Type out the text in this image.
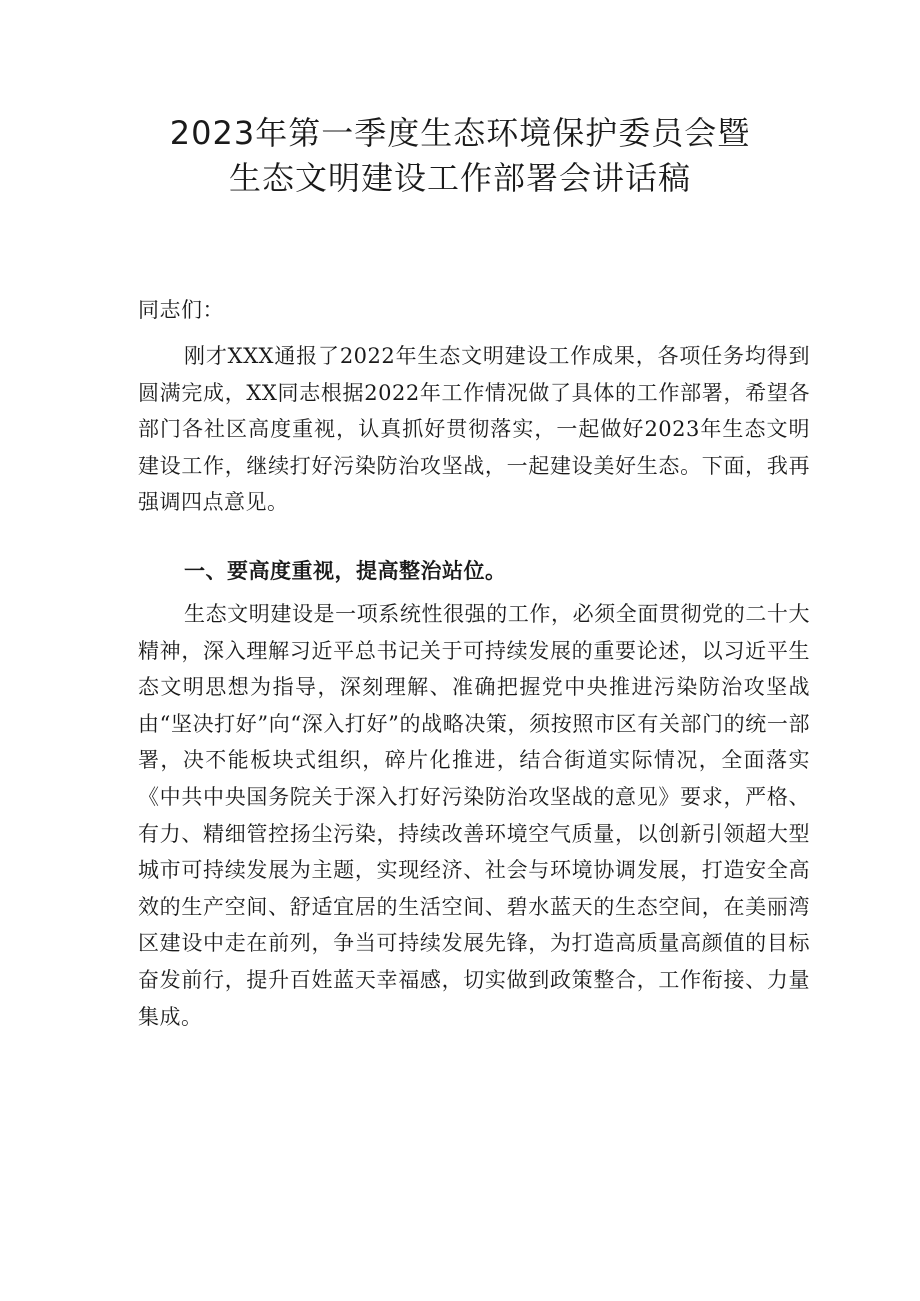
2023年第一季度生态环境保护委员会暨
生态文明建设工作部署会讲话稿

同志们：

刚才XXX通报了2022年生态文明建设工作成果，各项任务均得到圆满完成，XX同志根据2022年工作情况做了具体的工作部署，希望各部门各社区高度重视，认真抓好贯彻落实，一起做好2023年生态文明建设工作，继续打好污染防治攻坚战，一起建设美好生态。下面，我再强调四点意见。

一、要高度重视，提高整治站位。

生态文明建设是一项系统性很强的工作，必须全面贯彻党的二十大精神，深入理解习近平总书记关于可持续发展的重要论述，以习近平生态文明思想为指导，深刻理解、准确把握党中央推进污染防治攻坚战由“坚决打好”向“深入打好”的战略决策，须按照市区有关部门的统一部署，决不能板块式组织，碎片化推进，结合街道实际情况，全面落实《中共中央国务院关于深入打好污染防治攻坚战的意见》要求，严格、有力、精细管控扬尘污染，持续改善环境空气质量，以创新引领超大型城市可持续发展为主题，实现经济、社会与环境协调发展，打造安全高效的生产空间、舒适宜居的生活空间、碧水蓝天的生态空间，在美丽湾区建设中走在前列，争当可持续发展先锋，为打造高质量高颜值的目标奋发前行，提升百姓蓝天幸福感，切实做到政策整合，工作衔接、力量集成。
